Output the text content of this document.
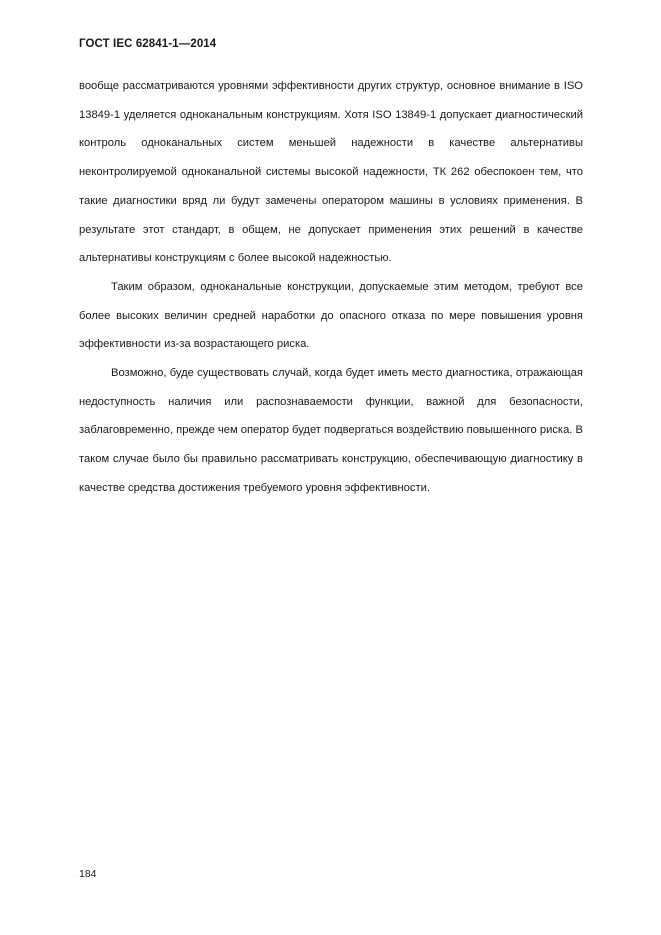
ГОСТ IEC 62841-1—2014

вообще рассматриваются уровнями эффективности других структур, основное внимание в ISO 13849-1 уделяется одноканальным конструкциям. Хотя ISO 13849-1 допускает диагностический контроль одноканальных систем меньшей надежности в качестве альтернативы неконтролируемой одноканальной системы высокой надежности, ТК 262 обеспокоен тем, что такие диагностики вряд ли будут замечены оператором машины в условиях применения. В результате этот стандарт, в общем, не допускает применения этих решений в качестве альтернативы конструкциям с более высокой надежностью.

Таким образом, одноканальные конструкции, допускаемые этим методом, требуют все более высоких величин средней наработки до опасного отказа по мере повышения уровня эффективности из-за возрастающего риска.

Возможно, буде существовать случай, когда будет иметь место диагностика, отражающая недоступность наличия или распознаваемости функции, важной для безопасности, заблаговременно, прежде чем оператор будет подвергаться воздействию повышенного риска. В таком случае было бы правильно рассматривать конструкцию, обеспечивающую диагностику в качестве средства достижения требуемого уровня эффективности.

184
